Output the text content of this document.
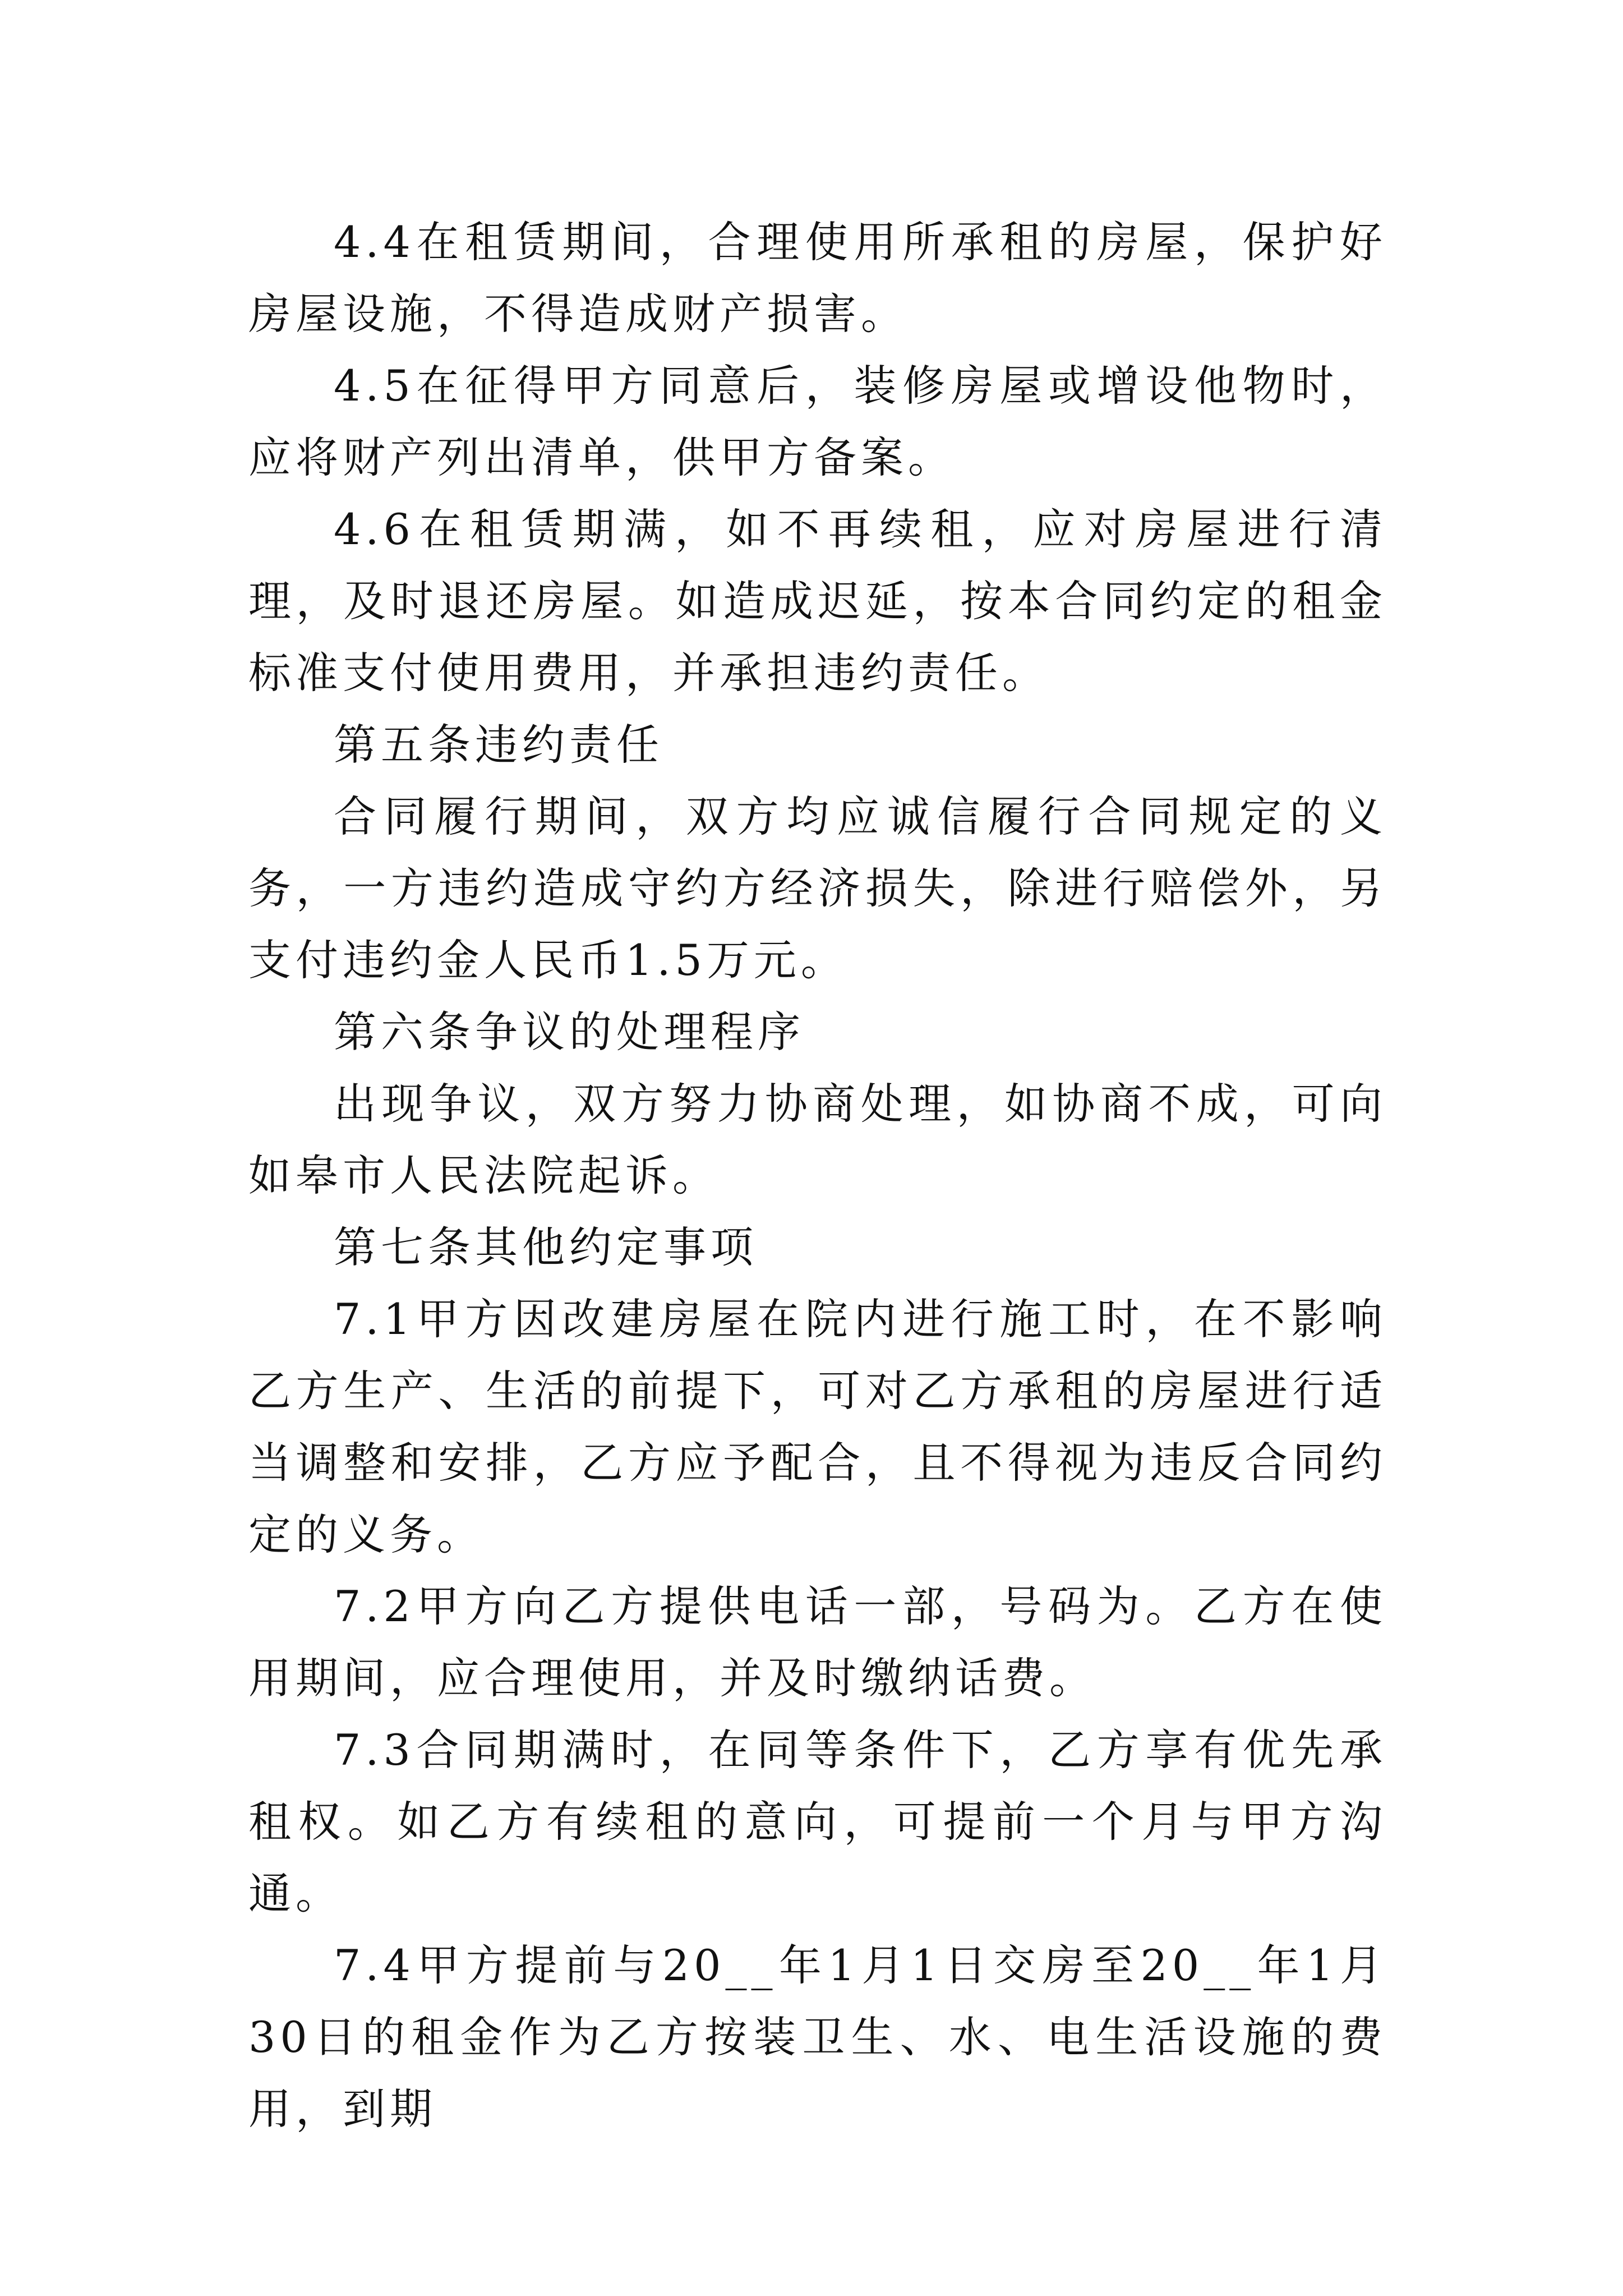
4.4在租赁期间，合理使用所承租的房屋，保护好房屋设施，不得造成财产损害。

4.5在征得甲方同意后，装修房屋或增设他物时，应将财产列出清单，供甲方备案。

4.6在租赁期满，如不再续租，应对房屋进行清理，及时退还房屋。如造成迟延，按本合同约定的租金标准支付使用费用，并承担违约责任。

第五条违约责任

合同履行期间，双方均应诚信履行合同规定的义务，一方违约造成守约方经济损失，除进行赔偿外，另支付违约金人民币1.5万元。

第六条争议的处理程序

出现争议，双方努力协商处理，如协商不成，可向如皋市人民法院起诉。

第七条其他约定事项

7.1甲方因改建房屋在院内进行施工时，在不影响乙方生产、生活的前提下，可对乙方承租的房屋进行适当调整和安排，乙方应予配合，且不得视为违反合同约定的义务。

7.2甲方向乙方提供电话一部，号码为。乙方在使用期间，应合理使用，并及时缴纳话费。

7.3合同期满时，在同等条件下，乙方享有优先承租权。如乙方有续租的意向，可提前一个月与甲方沟通。

7.4甲方提前与20__年1月1日交房至20__年1月30日的租金作为乙方按装卫生、水、电生活设施的费用，到期
